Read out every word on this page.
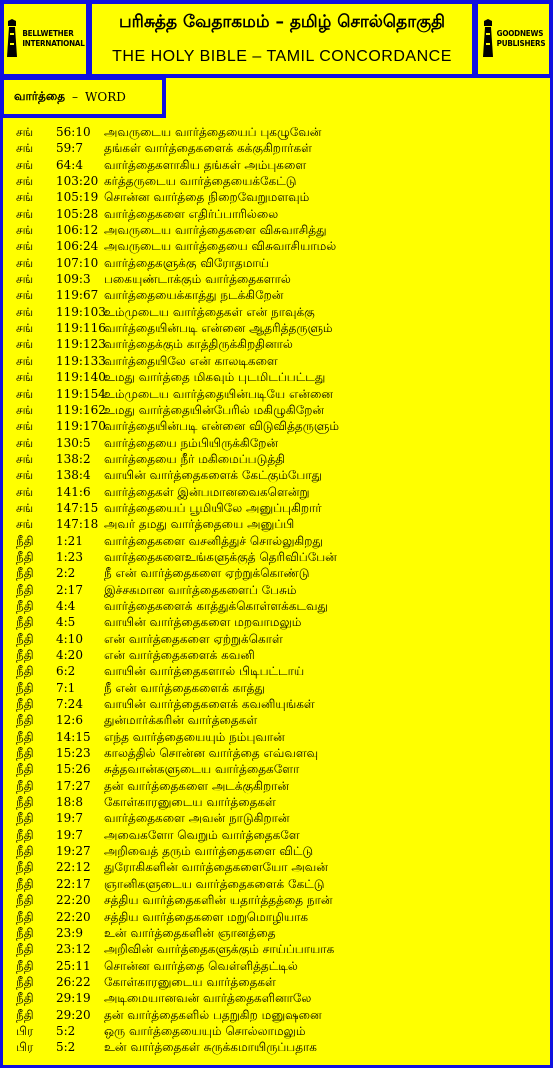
BELLWETHER
INTERNATIONAL
பரிசுத்த வேதாகமம் – தமிழ் சொல்தொகுதி
THE HOLY BIBLE – TAMIL CONCORDANCE
GOODNEWS
PUBLISHERS
வார்த்தை – WORD
சங் 56:10 அவருடைய வார்த்தையைப் புகழுவேன்
சங் 59:7 தங்கள் வார்த்தைகளைக் கக்குகிறார்கள்
சங் 64:4 வார்த்தைகளாகிய தங்கள் அம்புகளை
சங் 103:20 கர்த்தருடைய வார்த்தையைக்கேட்டு
சங் 105:19 சொன்ன வார்த்தை நிறைவேறுமளவும்
சங் 105:28 வார்த்தைகளை எதிர்ப்பாரில்லை
சங் 106:12 அவருடைய வார்த்தைகளை விசுவாசித்து
சங் 106:24 அவருடைய வார்த்தையை விசுவாசியாமல்
சங் 107:10 வார்த்தைகளுக்கு விரோதமாய்
சங் 109:3 பகையுண்டாக்கும் வார்த்தைகளால்
சங் 119:67 வார்த்தையைக்காத்து நடக்கிறேன்
சங் 119:103
உம்முடைய வார்த்தைகள் என் நாவுக்கு
சங் 119:116
வார்த்தையின்படி என்னை ஆதரித்தருளும்
சங் 119:123
வார்த்தைக்கும் காத்திருக்கிறதினால்
சங் 119:133
வார்த்தையிலே என் காலடிகளை
சங் 119:140
உமது வார்த்தை மிகவும் புடமிடப்பட்டது
சங் 119:154
உம்முடைய வார்த்தையின்படியே என்னை
சங் 119:162
உமது வார்த்தையின்பேரில் மகிழுகிறேன்
சங் 119:170
வார்த்தையின்படி என்னை விடுவித்தருளும்
சங் 130:5 வார்த்தையை நம்பியிருக்கிறேன்
சங் 138:2 வார்த்தையை நீர் மகிமைப்படுத்தி
சங் 138:4 வாயின் வார்த்தைகளைக் கேட்கும்போது
சங் 141:6 வார்த்தைகள் இன்பமானவைகளென்று
சங் 147:15 வார்த்தையைப் பூமியிலே அனுப்புகிறார்
சங் 147:18 அவர் தமது வார்த்தையை அனுப்பி
நீதி 1:21 வார்த்தைகளை வசனித்துச் சொல்லுகிறது
நீதி 1:23 வார்த்தைகளைஉங்களுக்குத் தெரிவிப்பேன்
நீதி 2:2 நீ என் வார்த்தைகளை ஏற்றுக்கொண்டு
நீதி 2:17 இச்சகமான வார்த்தைகளைப் பேசும்
நீதி 4:4 வார்த்தைகளைக் காத்துக்கொள்ளக்கடவது
நீதி 4:5 வாயின் வார்த்தைகளை மறவாமலும்
நீதி 4:10 என் வார்த்தைகளை ஏற்றுக்கொள்
நீதி 4:20 என் வார்த்தைகளைக் கவனி
நீதி 6:2 வாயின் வார்த்தைகளால் பிடிபட்டாய்
நீதி 7:1 நீ என் வார்த்தைகளைக் காத்து
நீதி 7:24 வாயின் வார்த்தைகளைக் கவனியுங்கள்
நீதி 12:6 துன்மார்க்கரின் வார்த்தைகள்
நீதி 14:15 எந்த வார்த்தையையும் நம்புவான்
நீதி 15:23 காலத்தில் சொன்ன வார்த்தை எவ்வளவு
நீதி 15:26 சுத்தவான்களுடைய வார்த்தைகளோ
நீதி 17:27 தன் வார்த்தைகளை அடக்குகிறான்
நீதி 18:8 கோள்காரனுடைய வார்த்தைகள்
நீதி 19:7 வார்த்தைகளை அவன் நாடுகிறான்
நீதி 19:7 அவைகளோ வெறும் வார்த்தைகளே
நீதி 19:27 அறிவைத் தரும் வார்த்தைகளை விட்டு
நீதி 22:12 துரோகிகளின் வார்த்தைகளையோ அவன்
நீதி 22:17 ஞானிகளுடைய வார்த்தைகளைக் கேட்டு
நீதி 22:20 சத்திய வார்த்தைகளின் யதார்த்தத்தை நான்
நீதி 22:20 சத்திய வார்த்தைகளை மறுமொழியாக
நீதி 23:9 உன் வார்த்தைகளின் ஞானத்தை
நீதி 23:12 அறிவின் வார்த்தைகளுக்கும் சாய்ப்பாயாக
நீதி 25:11 சொன்ன வார்த்தை வெள்ளித்தட்டில்
நீதி 26:22 கோள்காரனுடைய வார்த்தைகள்
நீதி 29:19 அடிமையானவன் வார்த்தைகளினாலே
நீதி 29:20 தன் வார்த்தைகளில் பதறுகிற மனுஷனை
பிர 5:2 ஒரு வார்த்தையையும் சொல்லாமலும்
பிர 5:2 உன் வார்த்தைகள் சுருக்கமாயிருப்பதாக
